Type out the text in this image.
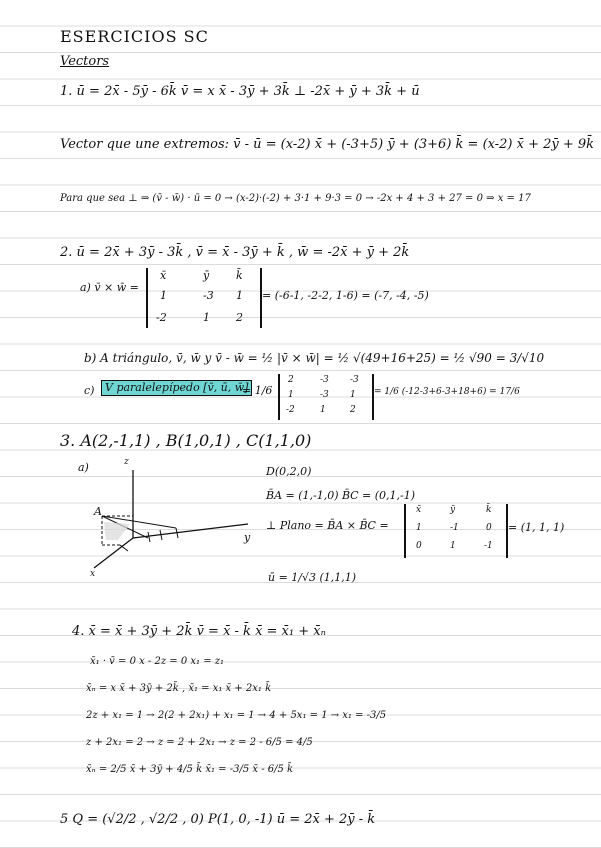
ESERCICIOS SC
Vectors
1. ū = 2x̄ - 5ȳ - 6k̄ v̄ = x x̄ - 3ȳ + 3k̄ ⊥ -2x̄ + ȳ + 3k̄ + ū
Vector que une extremos: v̄ - ū = (x-2) x̄ + (-3+5) ȳ + (3+6) k̄ = (x-2) x̄ + 2ȳ + 9k̄
Para que sea ⊥ ⇒ (v̄ - w̄) · ū = 0 → (x-2)·(-2) + 3·1 + 9·3 = 0 → -2x + 4 + 3 + 27 = 0 ⇒ x = 17
2. ū = 2x̄ + 3ȳ - 3k̄ , v̄ = x̄ - 3ȳ + k̄ , w̄ = -2x̄ + ȳ + 2k̄
a) v̄ × w̄ =
x̄	ȳ k̄
1	-3 1
-2	1 2
= (-6-1, -2-2, 1-6) = (-7, -4, -5)
b) A triángulo, v̄, w̄ y v̄ - w̄ = ½ |v̄ × w̄| = ½ √(49+16+25) = ½ √90 = 3/√10
c) V paralelepípedo [v̄, ū, w̄]
= 1/6
2	-3 -3
1	-3 1
-2	1	2
= 1/6 (-12-3+6-3+18+6) = 17/6
3. A(2,-1,1) , B(1,0,1) , C(1,1,0)
a)	z
y
x
A
D(0,2,0)
B̄A = (1,-1,0) B̄C = (0,1,-1)
⊥ Plano = B̄A × B̄C =
x̄	ȳ	k̄
1	-1	0
0	1	-1
= (1, 1, 1)
ū = 1/√3 (1,1,1)
4. x̄ = x̄ + 3ȳ + 2k̄ v̄ = x̄ - k̄ x̄ = x̄₁ + x̄ₙ
x̄₁ · v̄ = 0 x - 2z = 0 x₁ = z₁
x̄ₙ = x x̄ + 3ȳ + 2k̄ , x̄₁ = x₁ x̄ + 2x₁ k̄
2z + x₁ = 1 → 2(2 + 2x₁) + x₁ = 1 → 4 + 5x₁ = 1 → x₁ = -3/5
z + 2x₁ = 2 → z = 2 + 2x₁ → z = 2 - 6/5 = 4/5
x̄ₙ = 2/5 x̄ + 3ȳ + 4/5 k̄ x̄₁ = -3/5 x̄ - 6/5 k̄
5 Q = (√2/2 , √2/2 , 0) P(1, 0, -1) ū = 2x̄ + 2ȳ - k̄
